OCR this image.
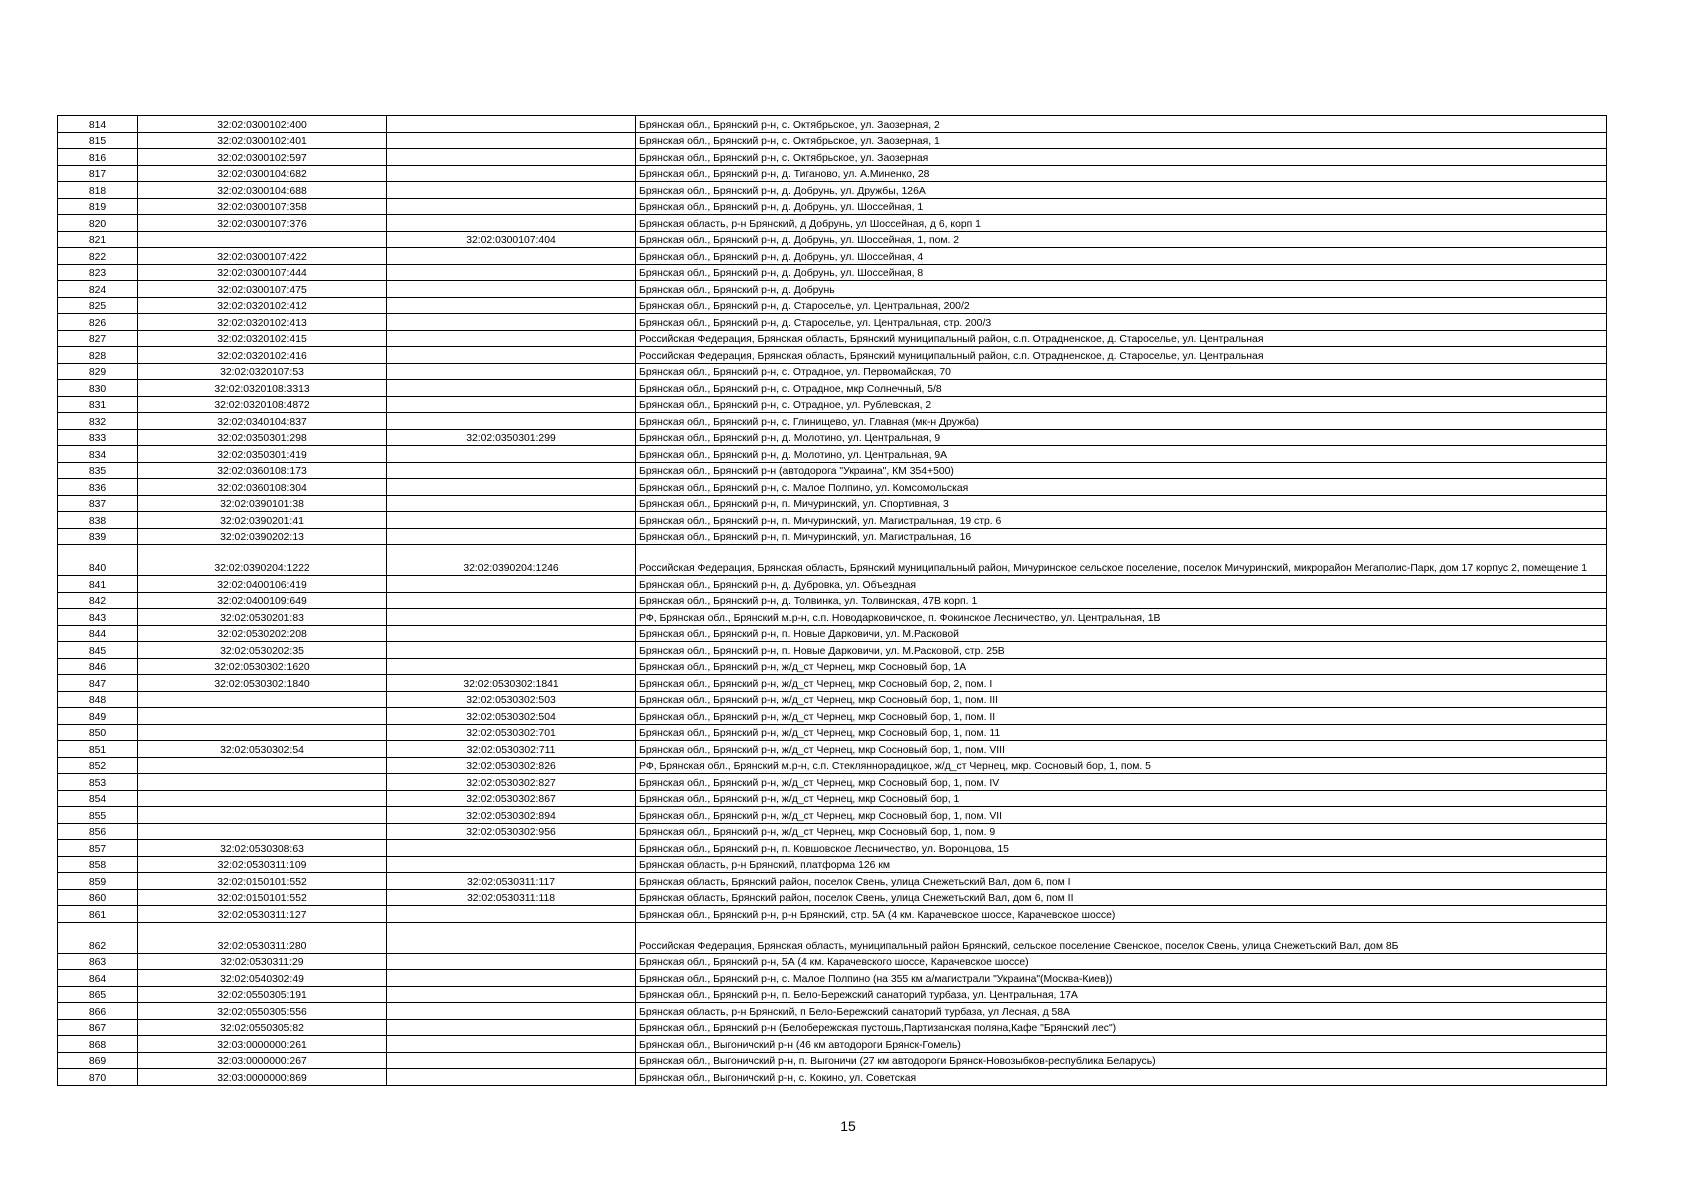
814	32:02:0300102:400		Брянская обл., Брянский р-н, с. Октябрьское, ул. Заозерная, 2
815	32:02:0300102:401		Брянская обл., Брянский р-н, с. Октябрьское, ул. Заозерная, 1
816	32:02:0300102:597		Брянская обл., Брянский р-н, с. Октябрьское, ул. Заозерная
817	32:02:0300104:682		Брянская обл., Брянский р-н, д. Тиганово, ул. А.Миненко, 28
818	32:02:0300104:688		Брянская обл., Брянский р-н, д. Добрунь, ул. Дружбы, 126А
819	32:02:0300107:358		Брянская обл., Брянский р-н, д. Добрунь, ул. Шоссейная, 1
820	32:02:0300107:376		Брянская область, р-н Брянский, д Добрунь, ул Шоссейная, д 6, корп 1
821		32:02:0300107:404	Брянская обл., Брянский р-н, д. Добрунь, ул. Шоссейная, 1, пом. 2
822	32:02:0300107:422		Брянская обл., Брянский р-н, д. Добрунь, ул. Шоссейная, 4
823	32:02:0300107:444		Брянская обл., Брянский р-н, д. Добрунь, ул. Шоссейная, 8
824	32:02:0300107:475		Брянская обл., Брянский р-н, д. Добрунь
825	32:02:0320102:412		Брянская обл., Брянский р-н, д. Староселье, ул. Центральная, 200/2
826	32:02:0320102:413		Брянская обл., Брянский р-н, д. Староселье, ул. Центральная, стр. 200/3
827	32:02:0320102:415		Российская Федерация, Брянская область, Брянский муниципальный район, с.п. Отрадненское, д. Староселье, ул. Центральная
828	32:02:0320102:416		Российская Федерация, Брянская область, Брянский муниципальный район, с.п. Отрадненское, д. Староселье, ул. Центральная
829	32:02:0320107:53		Брянская обл., Брянский р-н, с. Отрадное, ул. Первомайская, 70
830	32:02:0320108:3313		Брянская обл., Брянский р-н, с. Отрадное, мкр Солнечный, 5/8
831	32:02:0320108:4872		Брянская обл., Брянский р-н, с. Отрадное, ул. Рублевская, 2
832	32:02:0340104:837		Брянская обл., Брянский р-н, с. Глинищево, ул. Главная (мк-н Дружба)
833	32:02:0350301:298	32:02:0350301:299	Брянская обл., Брянский р-н, д. Молотино, ул. Центральная, 9
834	32:02:0350301:419		Брянская обл., Брянский р-н, д. Молотино, ул. Центральная, 9А
835	32:02:0360108:173		Брянская обл., Брянский р-н (автодорога "Украина", КМ 354+500)
836	32:02:0360108:304		Брянская обл., Брянский р-н, с. Малое Полпино, ул. Комсомольская
837	32:02:0390101:38		Брянская обл., Брянский р-н, п. Мичуринский, ул. Спортивная, 3
838	32:02:0390201:41		Брянская обл., Брянский р-н, п. Мичуринский, ул. Магистральная, 19 стр. 6
839	32:02:0390202:13		Брянская обл., Брянский р-н, п. Мичуринский, ул. Магистральная, 16
840	32:02:0390204:1222	32:02:0390204:1246	Российская Федерация, Брянская область, Брянский муниципальный район, Мичуринское сельское поселение, поселок Мичуринский, микрорайон Мегаполис-Парк, дом 17 корпус 2, помещение 1
841	32:02:0400106:419		Брянская обл., Брянский р-н, д. Дубровка, ул. Объездная
842	32:02:0400109:649		Брянская обл., Брянский р-н, д. Толвинка, ул. Толвинская, 47В корп. 1
843	32:02:0530201:83		РФ, Брянская обл., Брянский м.р-н, с.п. Новодарковичское, п. Фокинское Лесничество, ул. Центральная, 1В
844	32:02:0530202:208		Брянская обл., Брянский р-н, п. Новые Дарковичи, ул. М.Расковой
845	32:02:0530202:35		Брянская обл., Брянский р-н, п. Новые Дарковичи, ул. М.Расковой, стр. 25В
846	32:02:0530302:1620		Брянская обл., Брянский р-н, ж/д_ст Чернец, мкр Сосновый бор, 1А
847	32:02:0530302:1840	32:02:0530302:1841	Брянская обл., Брянский р-н, ж/д_ст Чернец, мкр Сосновый бор, 2, пом. I
848		32:02:0530302:503	Брянская обл., Брянский р-н, ж/д_ст Чернец, мкр Сосновый бор, 1, пом. III
849		32:02:0530302:504	Брянская обл., Брянский р-н, ж/д_ст Чернец, мкр Сосновый бор, 1, пом. II
850		32:02:0530302:701	Брянская обл., Брянский р-н, ж/д_ст Чернец, мкр Сосновый бор, 1, пом. 11
851	32:02:0530302:54	32:02:0530302:711	Брянская обл., Брянский р-н, ж/д_ст Чернец, мкр Сосновый бор, 1, пом. VIII
852		32:02:0530302:826	РФ, Брянская обл., Брянский м.р-н, с.п. Стекляннорадицкое, ж/д_ст Чернец, мкр. Сосновый бор, 1, пом. 5
853		32:02:0530302:827	Брянская обл., Брянский р-н, ж/д_ст Чернец, мкр Сосновый бор, 1, пом. IV
854		32:02:0530302:867	Брянская обл., Брянский р-н, ж/д_ст Чернец, мкр Сосновый бор, 1
855		32:02:0530302:894	Брянская обл., Брянский р-н, ж/д_ст Чернец, мкр Сосновый бор, 1, пом. VII
856		32:02:0530302:956	Брянская обл., Брянский р-н, ж/д_ст Чернец, мкр Сосновый бор, 1, пом. 9
857	32:02:0530308:63		Брянская обл., Брянский р-н, п. Ковшовское Лесничество, ул. Воронцова, 15
858	32:02:0530311:109		Брянская область, р-н Брянский, платформа 126 км
859	32:02:0150101:552	32:02:0530311:117	Брянская область, Брянский район, поселок Свень, улица Снежетьский Вал, дом 6, пом I
860	32:02:0150101:552	32:02:0530311:118	Брянская область, Брянский район, поселок Свень, улица Снежетьский Вал, дом 6, пом II
861	32:02:0530311:127		Брянская обл., Брянский р-н, р-н Брянский, стр. 5А (4 км. Карачевское шоссе, Карачевское шоссе)
862	32:02:0530311:280		Российская Федерация, Брянская область, муниципальный район Брянский, сельское поселение Свенское, поселок Свень, улица Снежетьский Вал, дом 8Б
863	32:02:0530311:29		Брянская обл., Брянский р-н, 5А (4 км. Карачевского шоссе, Карачевское шоссе)
864	32:02:0540302:49		Брянская обл., Брянский р-н, с. Малое Полпино (на 355 км а/магистрали "Украина"(Москва-Киев))
865	32:02:0550305:191		Брянская обл., Брянский р-н, п. Бело-Бережский санаторий турбаза, ул. Центральная, 17А
866	32:02:0550305:556		Брянская область, р-н Брянский, п Бело-Бережский санаторий турбаза, ул Лесная, д 58А
867	32:02:0550305:82		Брянская обл., Брянский р-н (Белобережская пустошь,Партизанская поляна,Кафе "Брянский лес")
868	32:03:0000000:261		Брянская обл., Выгоничский р-н (46 км автодороги Брянск-Гомель)
869	32:03:0000000:267		Брянская обл., Выгоничский р-н, п. Выгоничи (27 км автодороги Брянск-Новозыбков-республика Беларусь)
870	32:03:0000000:869		Брянская обл., Выгоничский р-н, с. Кокино, ул. Советская
15
